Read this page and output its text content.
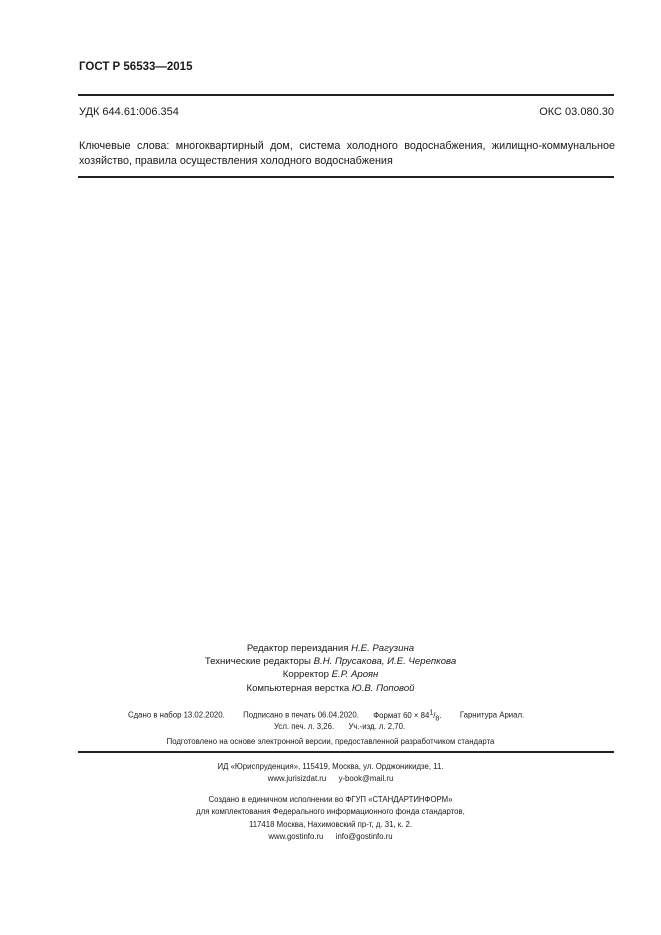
ГОСТ Р 56533—2015
УДК 644.61:006.354	ОКС 03.080.30
Ключевые слова: многоквартирный дом, система холодного водоснабжения, жилищно-коммунальное хозяйство, правила осуществления холодного водоснабжения
Редактор переиздания Н.Е. Рагузина
Технические редакторы В.Н. Прусакова, И.Е. Черепкова
Корректор Е.Р. Ароян
Компьютерная верстка Ю.В. Поповой
Сдано в набор 13.02.2020. Подписано в печать 06.04.2020. Формат $60 \times 84^1/_8$. Гарнитура Ариал.
Усл. печ. л. 3,26. Уч.-изд. л. 2,70.
Подготовлено на основе электронной версии, предоставленной разработчиком стандарта
ИД «Юриспруденция», 115419, Москва, ул. Орджоникидзе, 11.
www.jurisizdat.ru y-book@mail.ru
Создано в единичном исполнении во ФГУП «СТАНДАРТИНФОРМ»
для комплектования Федерального информационного фонда стандартов,
117418 Москва, Нахимовский пр-т, д. 31, к. 2.
www.gostinfo.ru info@gostinfo.ru
